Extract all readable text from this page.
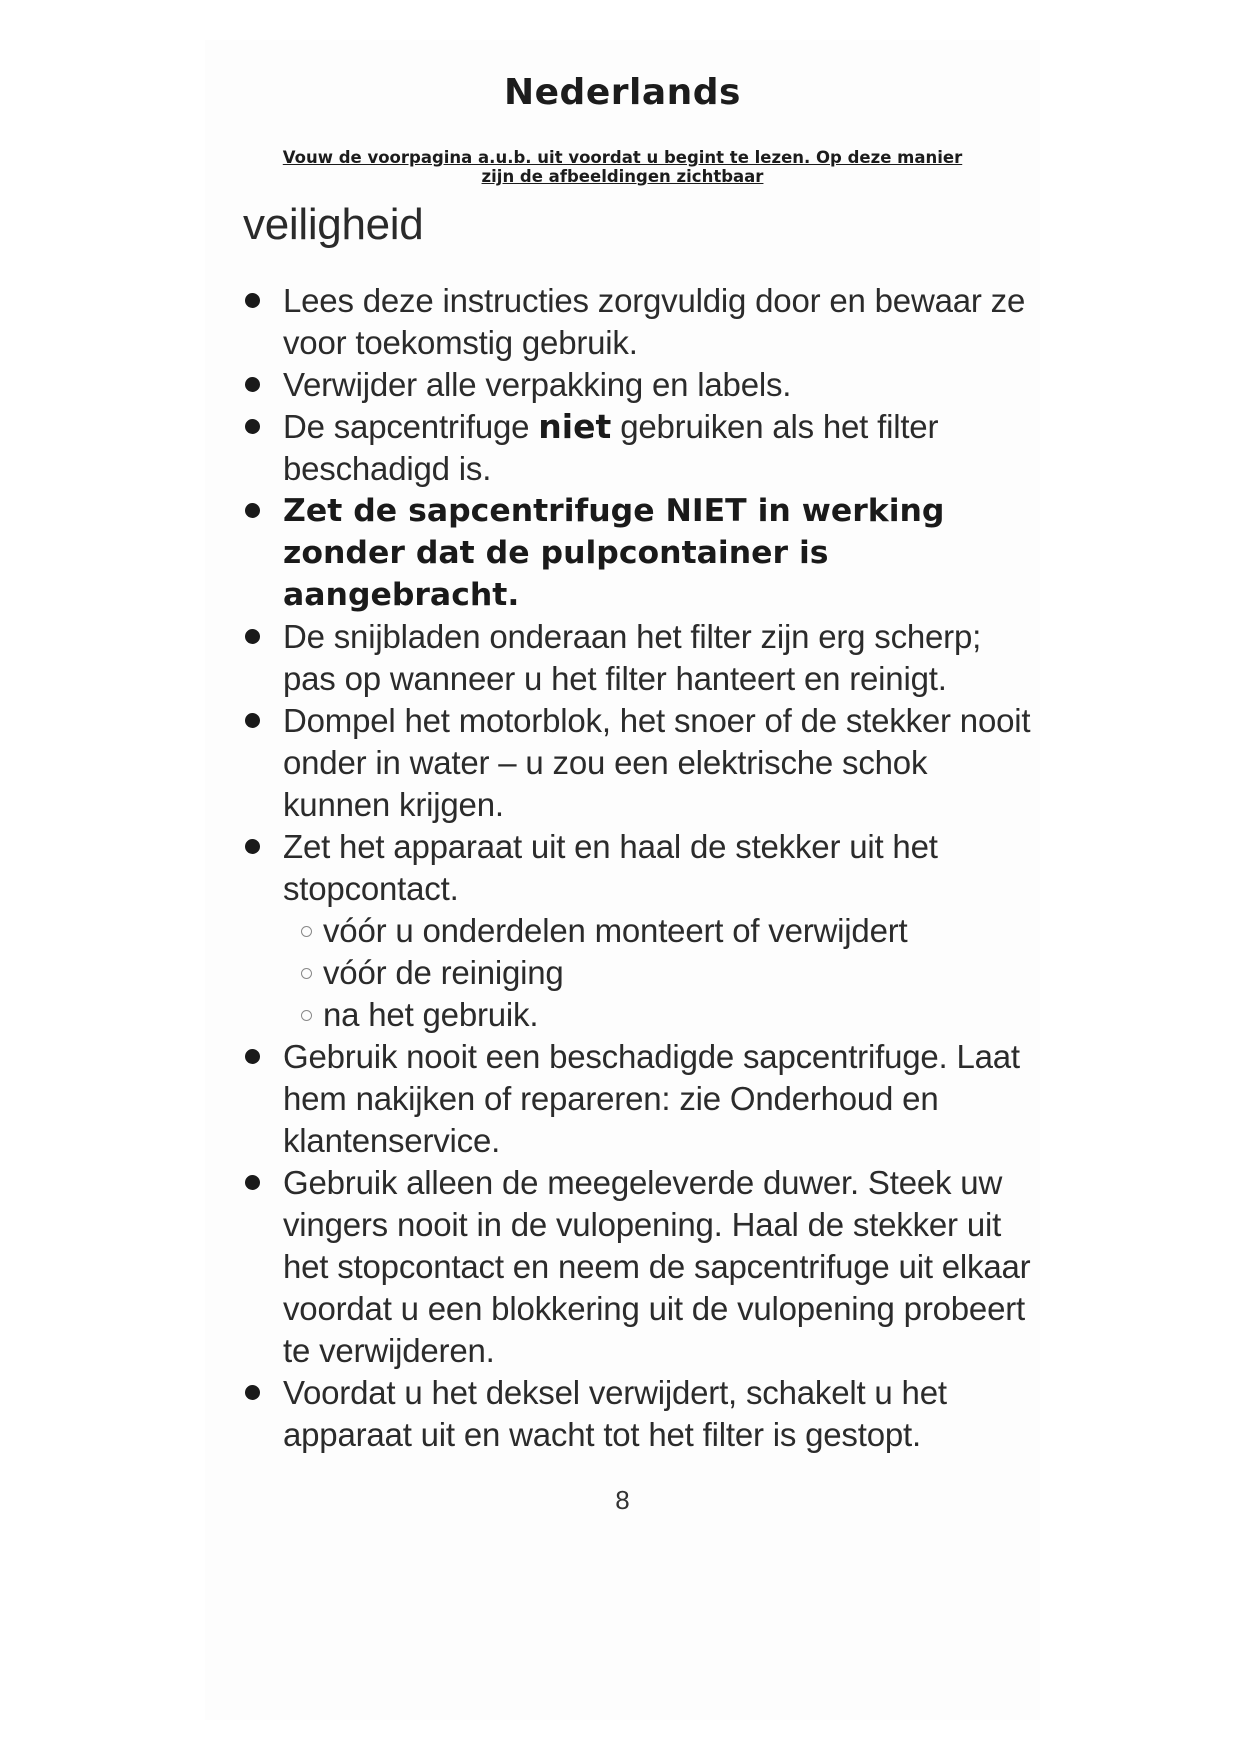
Nederlands
Vouw de voorpagina a.u.b. uit voordat u begint te lezen. Op deze manier
zijn de afbeeldingen zichtbaar
veiligheid
Lees deze instructies zorgvuldig door en bewaar ze voor toekomstig gebruik.
Verwijder alle verpakking en labels.
De sapcentrifuge niet gebruiken als het filter beschadigd is.
Zet de sapcentrifuge NIET in werking zonder dat de pulpcontainer is aangebracht.
De snijbladen onderaan het filter zijn erg scherp; pas op wanneer u het filter hanteert en reinigt.
Dompel het motorblok, het snoer of de stekker nooit onder in water – u zou een elektrische schok kunnen krijgen.
Zet het apparaat uit en haal de stekker uit het stopcontact.
vóór u onderdelen monteert of verwijdert
vóór de reiniging
na het gebruik.
Gebruik nooit een beschadigde sapcentrifuge. Laat hem nakijken of repareren: zie Onderhoud en klantenservice.
Gebruik alleen de meegeleverde duwer. Steek uw vingers nooit in de vulopening. Haal de stekker uit het stopcontact en neem de sapcentrifuge uit elkaar voordat u een blokkering uit de vulopening probeert te verwijderen.
Voordat u het deksel verwijdert, schakelt u het apparaat uit en wacht tot het filter is gestopt.
8
